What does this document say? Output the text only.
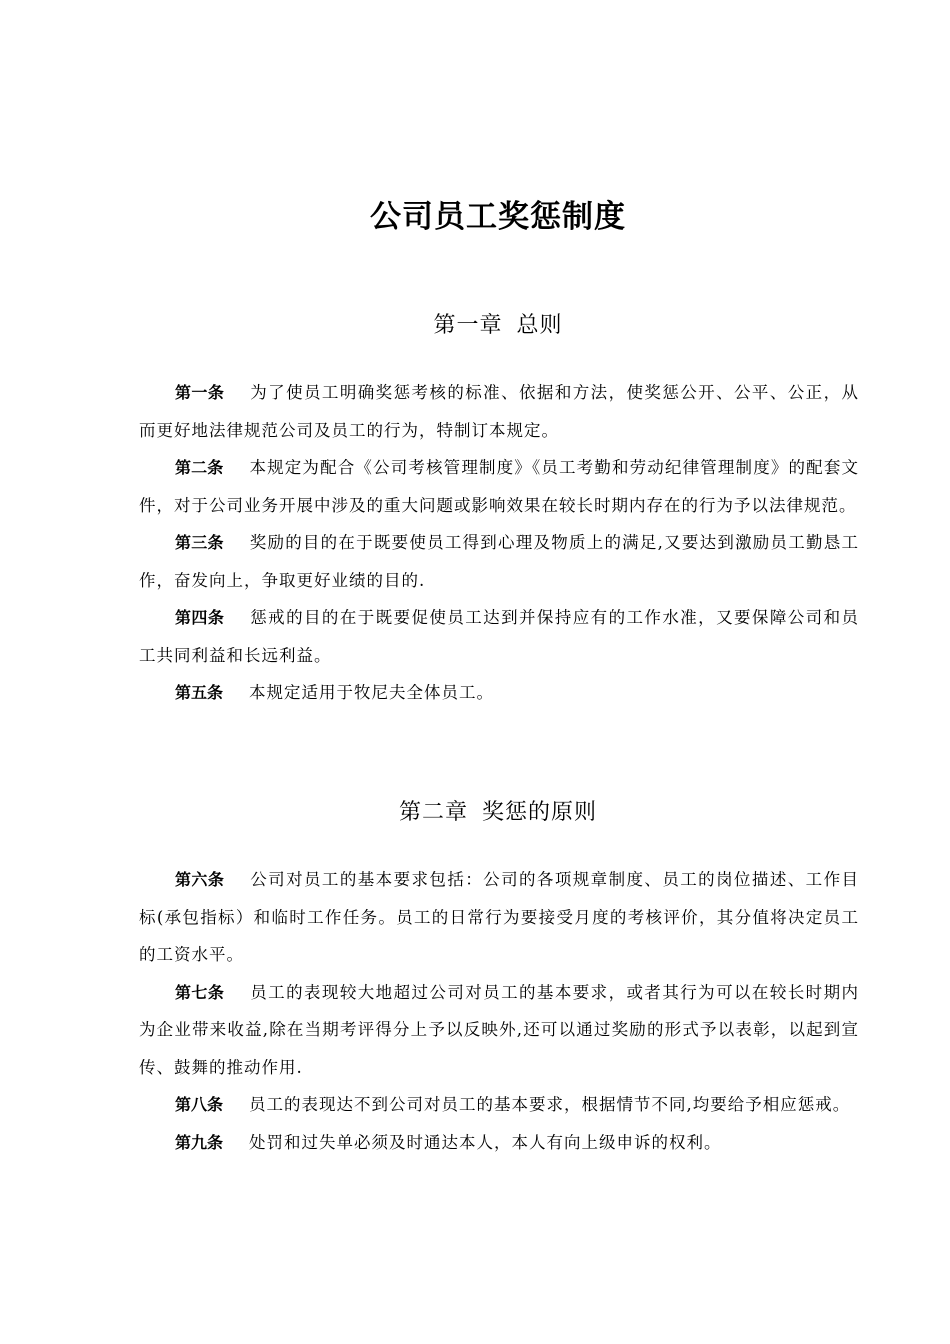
公司员工奖惩制度
第一章 总则

第一条 为了使员工明确奖惩考核的标准、依据和方法，使奖惩公开、公平、公正，从而更好地法律规范公司及员工的行为，特制订本规定。

第二条 本规定为配合《公司考核管理制度》《员工考勤和劳动纪律管理制度》的配套文件，对于公司业务开展中涉及的重大问题或影响效果在较长时期内存在的行为予以法律规范。

第三条 奖励的目的在于既要使员工得到心理及物质上的满足,又要达到激励员工勤恳工作，奋发向上，争取更好业绩的目的.

第四条 惩戒的目的在于既要促使员工达到并保持应有的工作水准，又要保障公司和员工共同利益和长远利益。

第五条 本规定适用于牧尼夫全体员工。

第二章 奖惩的原则

第六条 公司对员工的基本要求包括：公司的各项规章制度、员工的岗位描述、工作目标(承包指标）和临时工作任务。员工的日常行为要接受月度的考核评价，其分值将决定员工的工资水平。

第七条 员工的表现较大地超过公司对员工的基本要求，或者其行为可以在较长时期内为企业带来收益,除在当期考评得分上予以反映外,还可以通过奖励的形式予以表彰，以起到宣传、鼓舞的推动作用.

第八条 员工的表现达不到公司对员工的基本要求，根据情节不同,均要给予相应惩戒。

第九条 处罚和过失单必须及时通达本人，本人有向上级申诉的权利。
